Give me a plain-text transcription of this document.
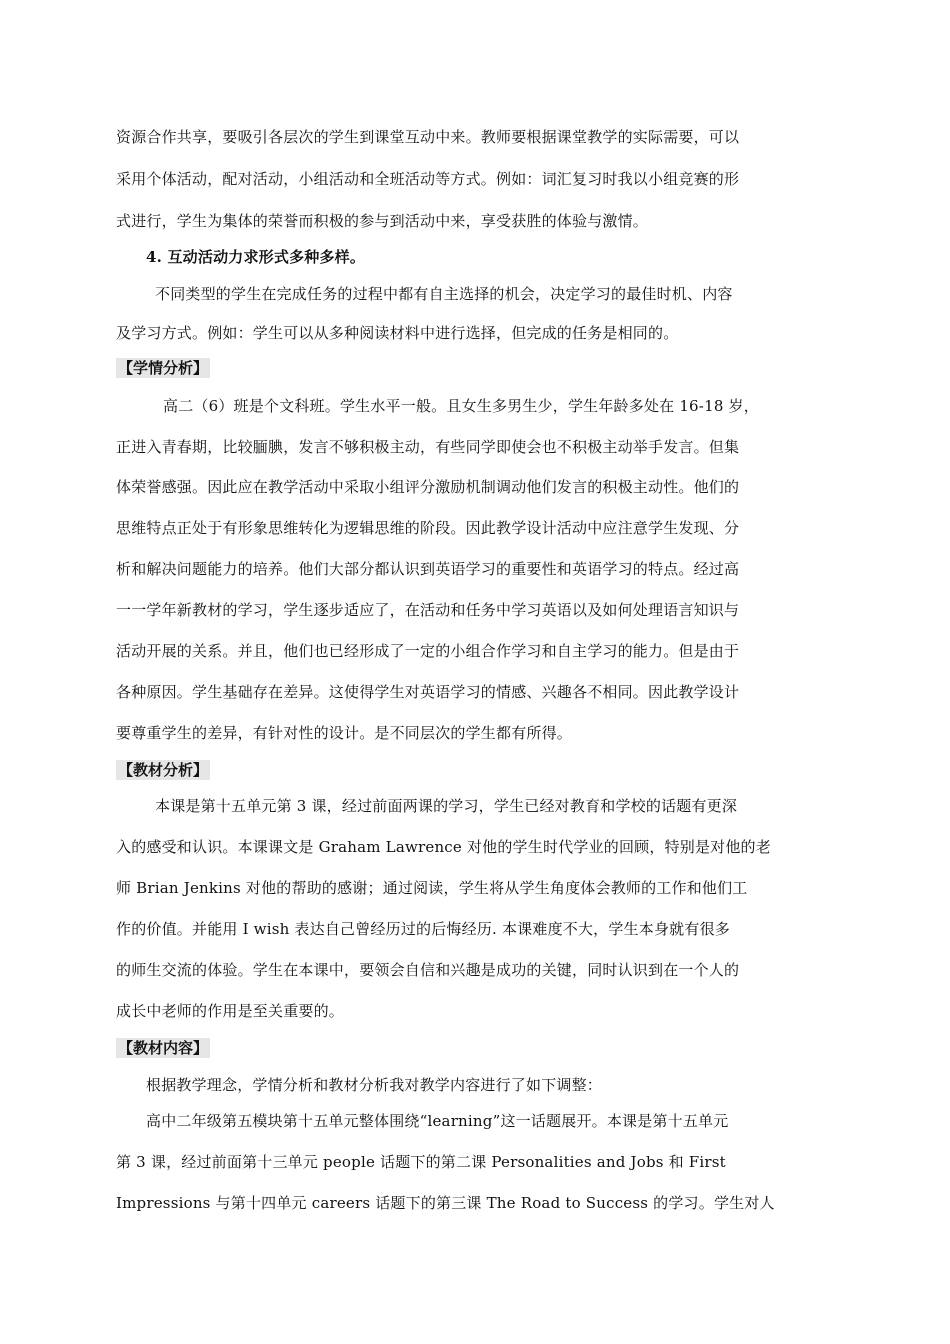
资源合作共享，要吸引各层次的学生到课堂互动中来。教师要根据课堂教学的实际需要，可以
采用个体活动，配对活动，小组活动和全班活动等方式。例如：词汇复习时我以小组竞赛的形
式进行，学生为集体的荣誉而积极的参与到活动中来，享受获胜的体验与激情。
4. 互动活动力求形式多种多样。
不同类型的学生在完成任务的过程中都有自主选择的机会，决定学习的最佳时机、内容
及学习方式。例如：学生可以从多种阅读材料中进行选择，但完成的任务是相同的。
【学情分析】
高二（6）班是个文科班。学生水平一般。且女生多男生少，学生年龄多处在 16-18 岁，
正进入青春期，比较腼腆，发言不够积极主动，有些同学即使会也不积极主动举手发言。但集
体荣誉感强。因此应在教学活动中采取小组评分激励机制调动他们发言的积极主动性。他们的
思维特点正处于有形象思维转化为逻辑思维的阶段。因此教学设计活动中应注意学生发现、分
析和解决问题能力的培养。他们大部分都认识到英语学习的重要性和英语学习的特点。经过高
一一学年新教材的学习，学生逐步适应了，在活动和任务中学习英语以及如何处理语言知识与
活动开展的关系。并且，他们也已经形成了一定的小组合作学习和自主学习的能力。但是由于
各种原因。学生基础存在差异。这使得学生对英语学习的情感、兴趣各不相同。因此教学设计
要尊重学生的差异，有针对性的设计。是不同层次的学生都有所得。
【教材分析】
本课是第十五单元第 3 课，经过前面两课的学习，学生已经对教育和学校的话题有更深
入的感受和认识。本课课文是 Graham Lawrence 对他的学生时代学业的回顾，特别是对他的老
师 Brian Jenkins 对他的帮助的感谢；通过阅读，学生将从学生角度体会教师的工作和他们工
作的价值。并能用 I wish 表达自己曾经历过的后悔经历. 本课难度不大，学生本身就有很多
的师生交流的体验。学生在本课中，要领会自信和兴趣是成功的关键，同时认识到在一个人的
成长中老师的作用是至关重要的。
【教材内容】
根据教学理念，学情分析和教材分析我对教学内容进行了如下调整：
高中二年级第五模块第十五单元整体围绕“learning”这一话题展开。本课是第十五单元
第 3 课，经过前面第十三单元 people 话题下的第二课 Personalities and Jobs 和 First
Impressions 与第十四单元 careers 话题下的第三课 The Road to Success 的学习。学生对人
